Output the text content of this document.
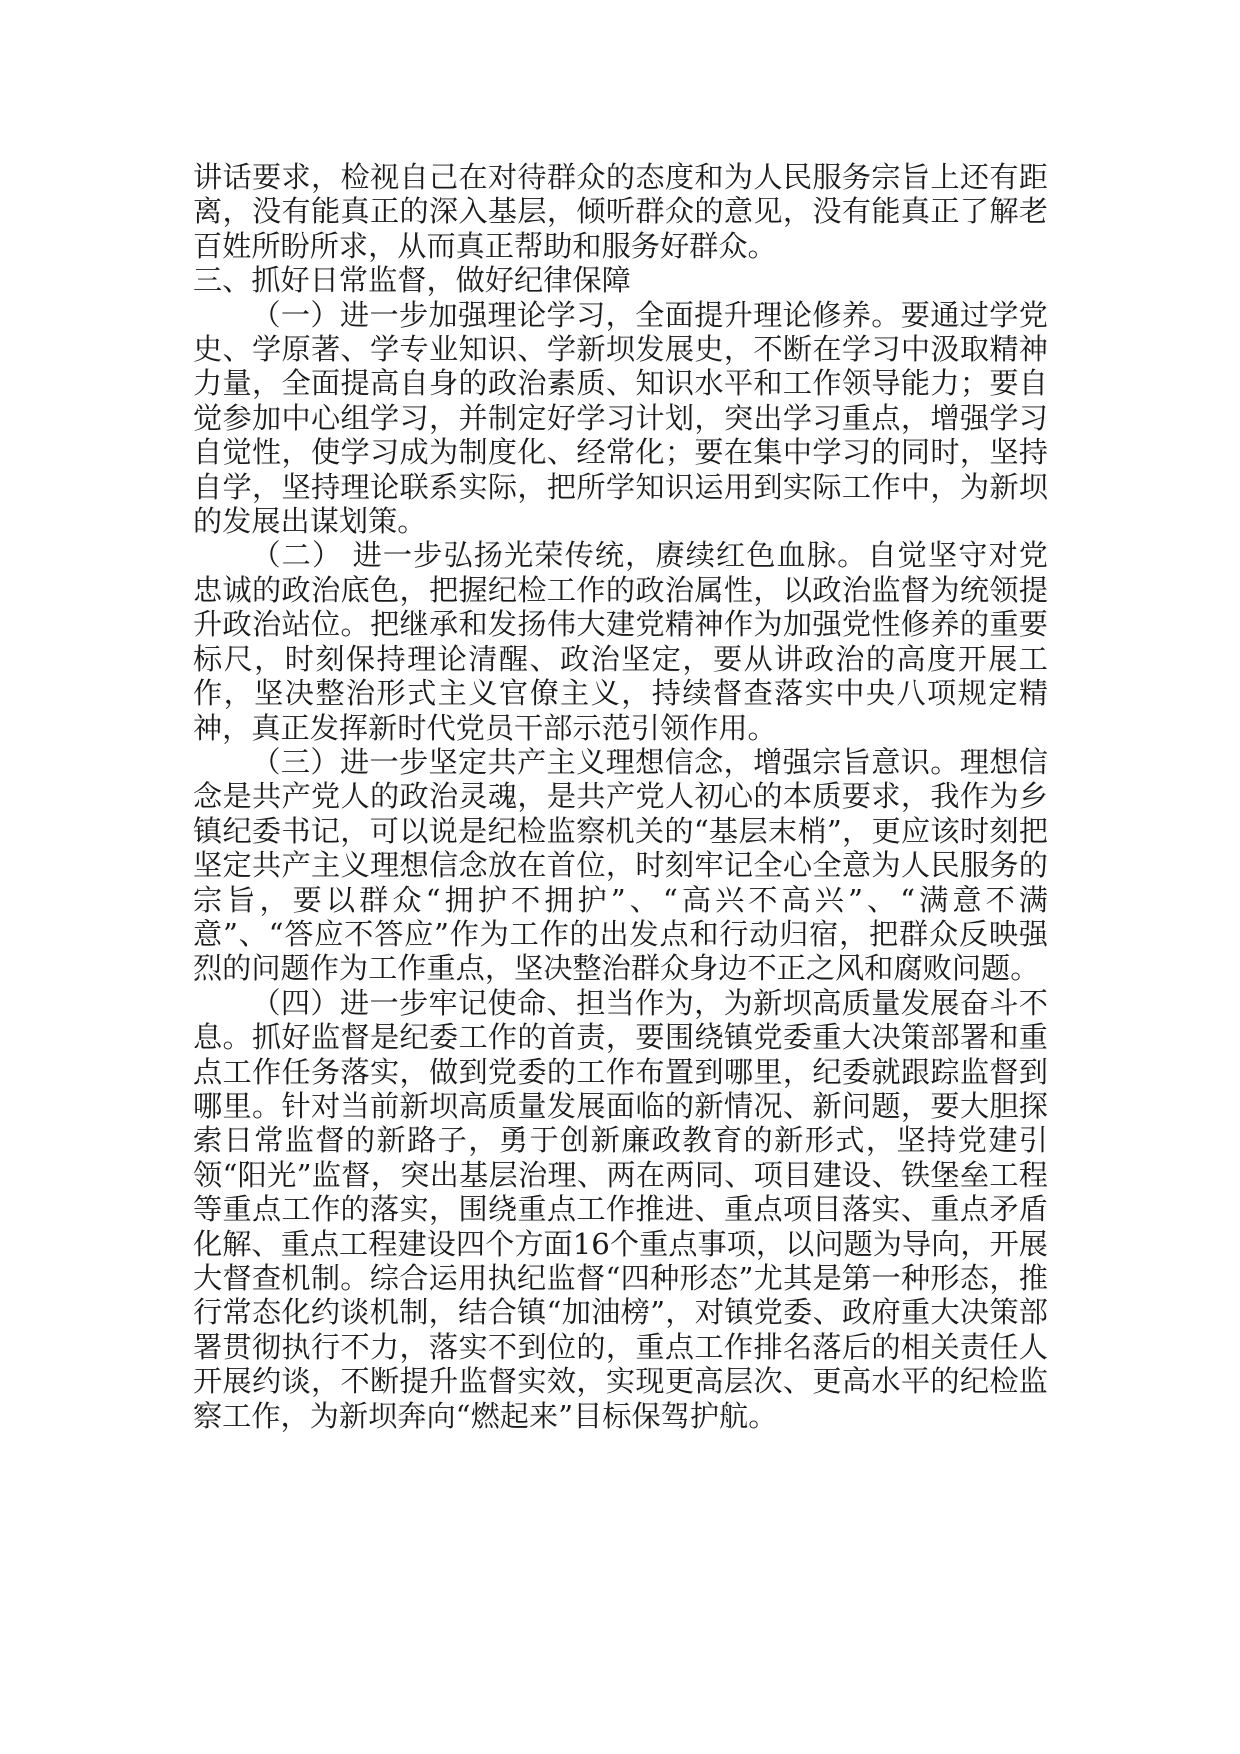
讲话要求，检视自己在对待群众的态度和为人民服务宗旨上还有距离，没有能真正的深入基层，倾听群众的意见，没有能真正了解老百姓所盼所求，从而真正帮助和服务好群众。

三、抓好日常监督，做好纪律保障

（一）进一步加强理论学习，全面提升理论修养。要通过学党史、学原著、学专业知识、学新坝发展史，不断在学习中汲取精神力量，全面提高自身的政治素质、知识水平和工作领导能力；要自觉参加中心组学习，并制定好学习计划，突出学习重点，增强学习自觉性，使学习成为制度化、经常化；要在集中学习的同时，坚持自学，坚持理论联系实际，把所学知识运用到实际工作中，为新坝的发展出谋划策。

（二） 进一步弘扬光荣传统，赓续红色血脉。自觉坚守对党忠诚的政治底色，把握纪检工作的政治属性，以政治监督为统领提升政治站位。把继承和发扬伟大建党精神作为加强党性修养的重要标尺，时刻保持理论清醒、政治坚定，要从讲政治的高度开展工作，坚决整治形式主义官僚主义，持续督查落实中央八项规定精神，真正发挥新时代党员干部示范引领作用。

（三）进一步坚定共产主义理想信念，增强宗旨意识。理想信念是共产党人的政治灵魂，是共产党人初心的本质要求，我作为乡镇纪委书记，可以说是纪检监察机关的“基层末梢”，更应该时刻把坚定共产主义理想信念放在首位，时刻牢记全心全意为人民服务的宗旨，要以群众“拥护不拥护”、“高兴不高兴”、“满意不满意”、“答应不答应”作为工作的出发点和行动归宿，把群众反映强烈的问题作为工作重点，坚决整治群众身边不正之风和腐败问题。

（四）进一步牢记使命、担当作为，为新坝高质量发展奋斗不息。抓好监督是纪委工作的首责，要围绕镇党委重大决策部署和重点工作任务落实，做到党委的工作布置到哪里，纪委就跟踪监督到哪里。针对当前新坝高质量发展面临的新情况、新问题，要大胆探索日常监督的新路子，勇于创新廉政教育的新形式，坚持党建引领“阳光”监督，突出基层治理、两在两同、项目建设、铁堡垒工程等重点工作的落实，围绕重点工作推进、重点项目落实、重点矛盾化解、重点工程建设四个方面16个重点事项，以问题为导向，开展大督查机制。综合运用执纪监督“四种形态”尤其是第一种形态，推行常态化约谈机制，结合镇“加油榜”，对镇党委、政府重大决策部署贯彻执行不力，落实不到位的，重点工作排名落后的相关责任人开展约谈，不断提升监督实效，实现更高层次、更高水平的纪检监察工作，为新坝奔向“燃起来”目标保驾护航。
